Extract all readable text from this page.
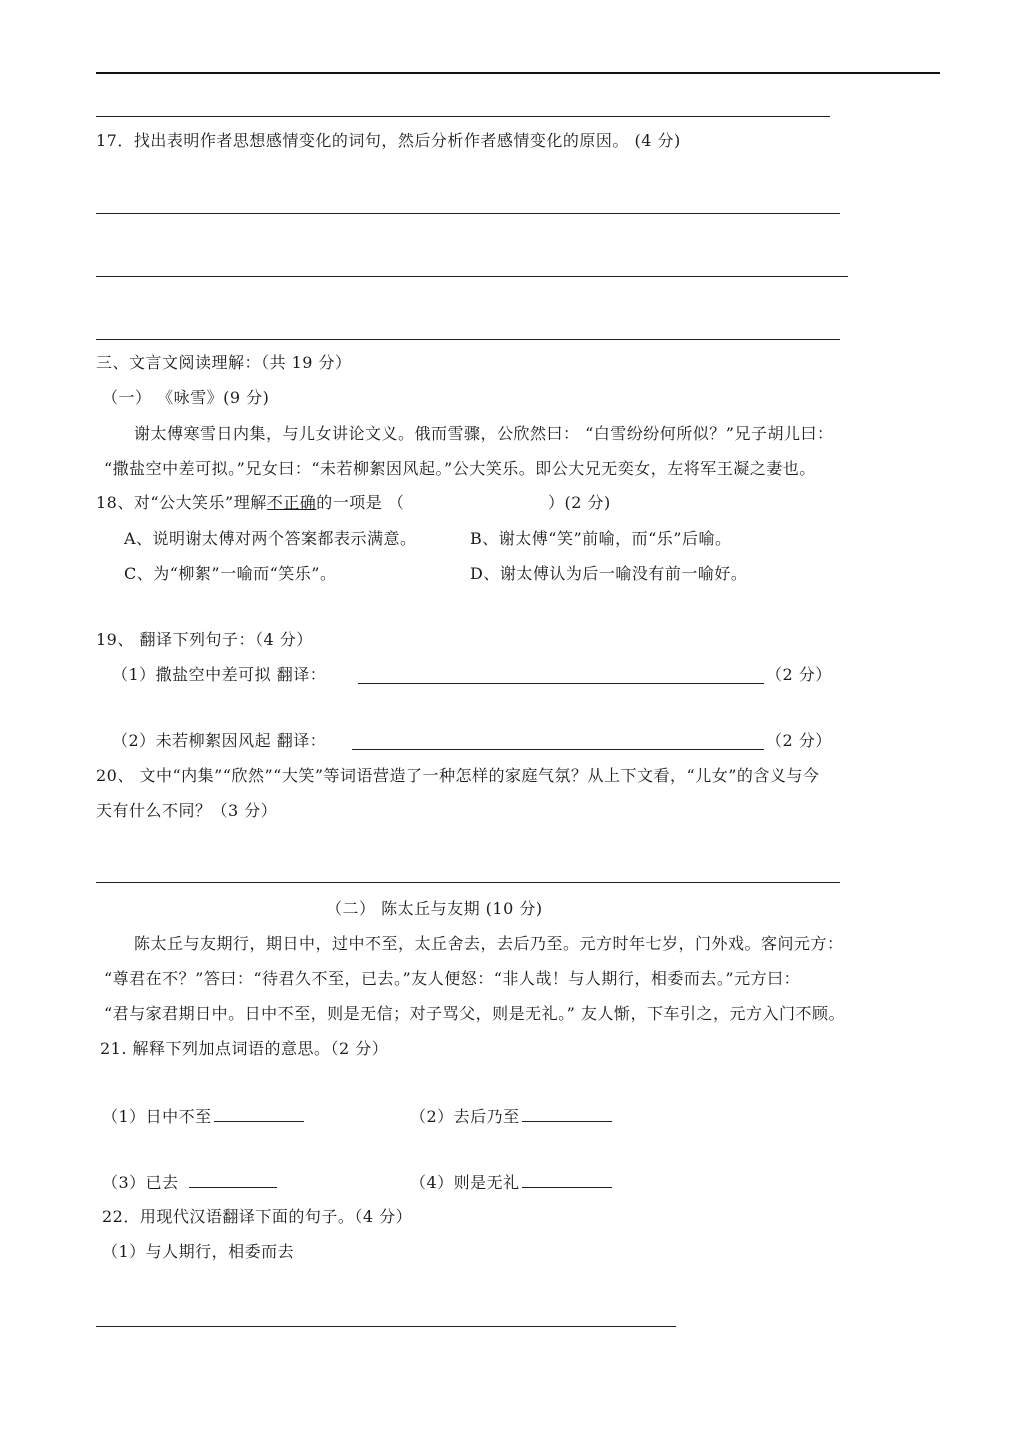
17．找出表明作者思想感情变化的词句，然后分析作者感情变化的原因。 (4 分)
三、文言文阅读理解：（共 19 分）
（一） 《咏雪》(9 分)
谢太傅寒雪日内集，与儿女讲论文义。俄而雪骤，公欣然曰： “白雪纷纷何所似？”兄子胡儿曰：
“撒盐空中差可拟。”兄女曰：“未若柳絮因风起。”公大笑乐。即公大兄无奕女，左将军王凝之妻也。
18、对“公大笑乐”理解不正确的一项是 （	）(2 分)
A、说明谢太傅对两个答案都表示满意。	B、谢太傅“笑”前喻，而“乐”后喻。
C、为“柳絮”一喻而“笑乐”。	D、谢太傅认为后一喻没有前一喻好。
19、 翻译下列句子：（4 分）
（1）撒盐空中差可拟 翻译：	（2 分）
（2）未若柳絮因风起 翻译：	（2 分）
20、 文中“内集”“欣然”“大笑”等词语营造了一种怎样的家庭气氛？从上下文看，“儿女”的含义与今
天有什么不同？（3 分）
（二） 陈太丘与友期 (10 分)
陈太丘与友期行，期日中，过中不至，太丘舍去，去后乃至。元方时年七岁，门外戏。客问元方：
“尊君在不？”答曰：“待君久不至，已去。”友人便怒：“非人哉！与人期行，相委而去。”元方曰：
“君与家君期日中。日中不至，则是无信；对子骂父，则是无礼。” 友人惭，下车引之，元方入门不顾。
21. 解释下列加点词语的意思。（2 分）
（1）日中不至	（2）去后乃至
（3）已去	（4）则是无礼
22．用现代汉语翻译下面的句子。（4 分）
（1）与人期行，相委而去
